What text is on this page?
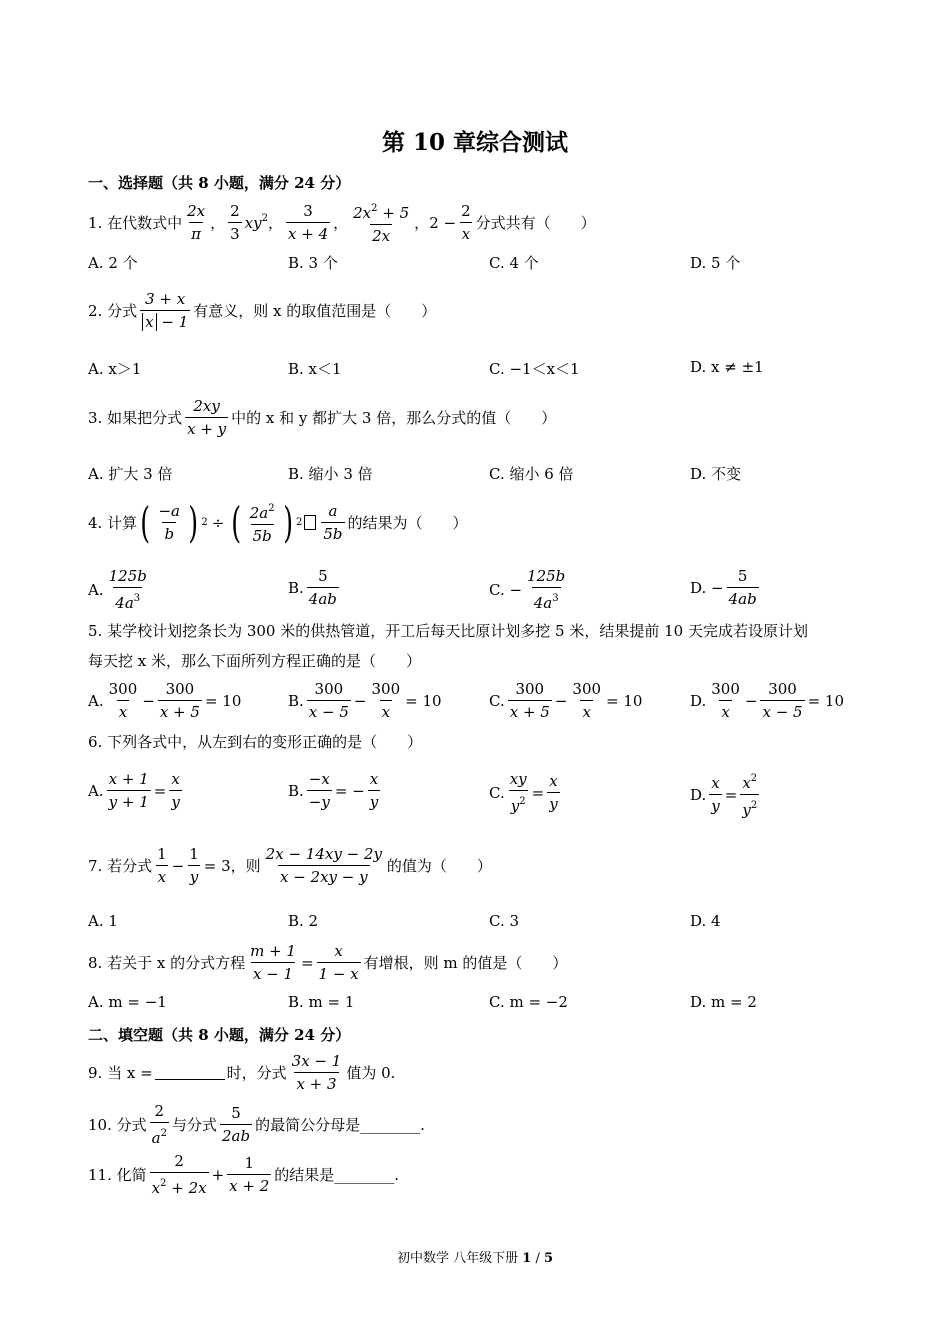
第 10 章综合测试
一、选择题（共 8 小题，满分 24 分）
1. 在代数式中 $\frac{2x}{\pi}$ ， $\frac{2}{3} xy^2$ ， $\frac{3}{x + 4}$ ， $\frac{2x^2 + 5}{2x}$ ， $2 - \frac{2}{x}$ 分式共有（　　）
A. 2 个	B. 3 个	C. 4 个	D. 5 个
2. 分式 $\frac{3 + x}{x - 1}$ 有意义，则 x 的取值范围是（　　）
A. x＞1	B. x＜1	C. −1＜x＜1	D. x ≠ ±1
3. 如果把分式 $\frac{2xy}{x + y}$ 中的 x 和 y 都扩大 3 倍，那么分式的值（　　）
A. 扩大 3 倍	B. 缩小 3 倍	C. 缩小 6 倍	D. 不变
4. 计算 ( $\frac{-a}{b}$ ) 2 ÷ ( $\frac{2a^2}{5b}$ ) $2 \frac{a}{5b}$ 的结果为（　　）
A. $\frac{125b}{4a^3}$	B. $\frac{5}{4ab}$	C. − $\frac{125b}{4a^3}$	D. − $\frac{5}{4ab}$
5. 某学校计划挖条长为 300 米的供热管道，开工后每天比原计划多挖 5 米，结果提前 10 天完成若设原计划
每天挖 x 米，那么下面所列方程正确的是（　　）
A. $\frac{300}{x} - \frac{300}{x + 5} = 10$	B. $\frac{300}{x - 5} - \frac{300}{x} = 10$	C. $\frac{300}{x + 5} - \frac{300}{x} = 10$	D. $\frac{300}{x} - \frac{300}{x - 5} = 10$
6. 下列各式中，从左到右的变形正确的是（　　）
A. $\frac{x + 1}{y + 1} = \frac{x}{y}$	B. $\frac{-x}{-y}$ = − $\frac{x}{y}$	C. $\frac{xy}{y^2} = \frac{x}{y}$	D. $\frac{x}{y} = \frac{x^2}{y^2}$
7. 若分式 $\frac{1}{x} - \frac{1}{y} = 3$ ，则 $\frac{2x - 14xy - 2y}{x - 2xy - y}$ 的值为（　　）
A. 1	B. 2	C. 3	D. 4
8. 若关于 x 的分式方程 $\frac{m + 1}{x - 1} = \frac{x}{1 - x}$ 有增根，则 m 的值是（　　）
A. m = −1	B. m = 1	C. m = −2	D. m = 2
二、填空题（共 8 小题，满分 24 分）
9. 当 x =	时，分式 $\frac{3x - 1}{x + 3}$ 值为 0.
10. 分式 $\frac{2}{a^2}$ 与分式 $\frac{5}{2ab}$ 的最简公分母是________.
11. 化简 $\frac{2}{x^2 + 2x} + \frac{1}{x + 2}$ 的结果是________.
初中数学 八年级下册 1 / 5
